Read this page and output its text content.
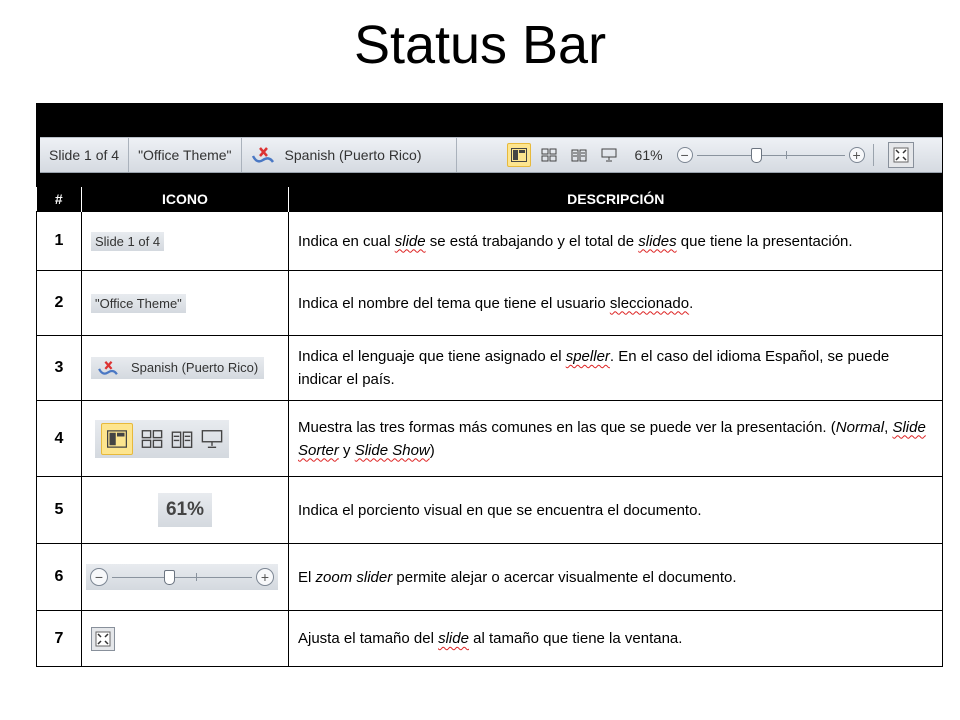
Status Bar
Slide 1 of 4	"Office Theme"	Spanish (Puerto Rico)	61% −	+
#	ICONO	DESCRIPCIÓN
1	Slide 1 of 4	Indica en cual slide se está trabajando y el total de slides que tiene la presentación.
2	"Office Theme"	Indica el nombre del tema que tiene el usuario sleccionado.
3	Spanish (Puerto Rico)	Indica el lenguaje que tiene asignado el speller. En el caso del idioma Español, se puede indicar el país.
4		Muestra las tres formas más comunes en las que se puede ver la presentación. (Normal, Slide Sorter y Slide Show)
5	61%	Indica el porciento visual en que se encuentra el documento.
6	− +	El zoom slider permite alejar o acercar visualmente el documento.
7		Ajusta el tamaño del slide al tamaño que tiene la ventana.
